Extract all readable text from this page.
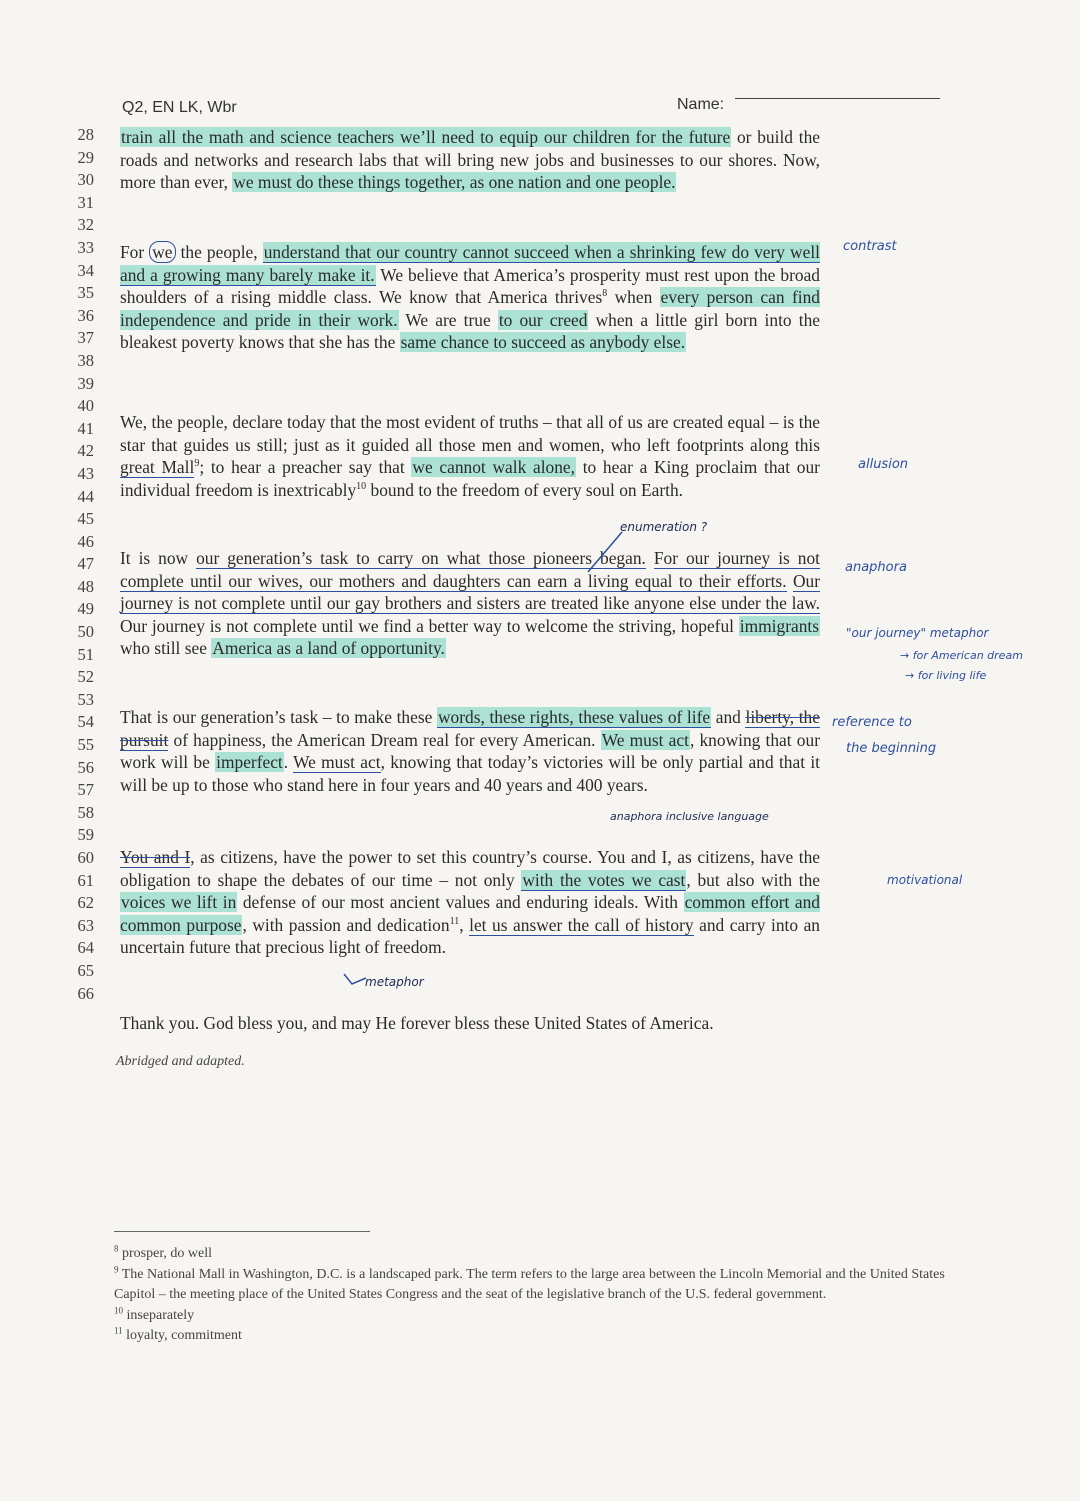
Q2, EN LK, Wbr	Name:
28
29
30
31
32
33
34
35
36
37
38
39
40
41
42
43
44
45
46
47
48
49
50
51
52
53
54
55
56
57
58
59
60
61
62
63
64
65
66
train all the math and science teachers we’ll need to equip our children for the future or build the roads and networks and research labs that will bring new jobs and businesses to our shores. Now, more than ever, we must do these things together, as one nation and one people.
For we the people, understand that our country cannot succeed when a shrinking few do very well and a growing many barely make it. We believe that America’s prosperity must rest upon the broad shoulders of a rising middle class. We know that America thrives$^8$ when every person can find independence and pride in their work. We are true to our creed when a little girl born into the bleakest poverty knows that she has the same chance to succeed as anybody else.
We, the people, declare today that the most evident of truths – that all of us are created equal – is the star that guides us still; just as it guided all those men and women, who left footprints along this great Mall$^9$; to hear a preacher say that we cannot walk alone, to hear a King proclaim that our individual freedom is inextricably$^{10}$ bound to the freedom of every soul on Earth.
It is now our generation’s task to carry on what those pioneers began. For our journey is not complete until our wives, our mothers and daughters can earn a living equal to their efforts. Our journey is not complete until our gay brothers and sisters are treated like anyone else under the law. Our journey is not complete until we find a better way to welcome the striving, hopeful immigrants who still see America as a land of opportunity.
That is our generation’s task – to make these words, these rights, these values of life and liberty, the pursuit of happiness, the American Dream real for every American. We must act, knowing that our work will be imperfect. We must act, knowing that today’s victories will be only partial and that it will be up to those who stand here in four years and 40 years and 400 years.
You and I, as citizens, have the power to set this country’s course. You and I, as citizens, have the obligation to shape the debates of our time – not only with the votes we cast, but also with the voices we lift in defense of our most ancient values and enduring ideals. With common effort and common purpose, with passion and dedication$^{11}$, let us answer the call of history and carry into an uncertain future that precious light of freedom.
Thank you. God bless you, and may He forever bless these United States of America.
Abridged and adapted.
contrast
allusion
enumeration ?
anaphora
"our journey" metaphor
→ for American dream
→ for living life
reference to
the beginning
anaphora inclusive language
motivational
metaphor
$^8$ prosper, do well
$^9$ The National Mall in Washington, D.C. is a landscaped park. The term refers to the large area between the Lincoln Memorial and the United States Capitol – the meeting place of the United States Congress and the seat of the legislative branch of the U.S. federal government.
$^{10}$ inseparately
$^{11}$ loyalty, commitment
